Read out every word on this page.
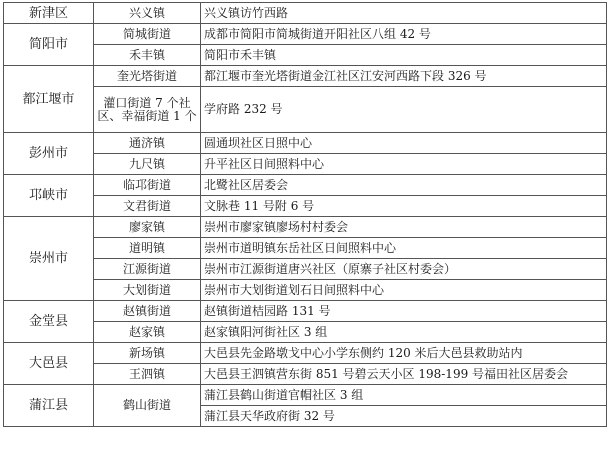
新津区	兴义镇	兴义镇访竹西路
简阳市	简城街道	成都市简阳市简城街道开阳社区八组 42 号
	禾丰镇	简阳市禾丰镇
都江堰市	奎光塔街道	都江堰市奎光塔街道金江社区江安河西路下段 326 号
	灌口街道 7 个社区、幸福街道 1 个	学府路 232 号
彭州市	通济镇	圆通坝社区日照中心
	九尺镇	升平社区日间照料中心
邛峡市	临邛街道	北鹭社区居委会
	文君街道	文脉巷 11 号附 6 号
崇州市	廖家镇	崇州市廖家镇廖场村村委会
	道明镇	崇州市道明镇东岳社区日间照料中心
	江源街道	崇州市江源街道唐兴社区（原寨子社区村委会）
	大划街道	崇州市大划街道划石日间照料中心
金堂县	赵镇街道	赵镇街道桔园路 131 号
	赵家镇	赵家镇阳河街社区 3 组
大邑县	新场镇	大邑县先金路墩戈中心小学东侧约 120 米后大邑县救助站内
	王泗镇	大邑县王泗镇营东街 851 号碧云天小区 198-199 号福田社区居委会
蒲江县	鹤山街道	蒲江县鹤山街道官帽社区 3 组
		蒲江县天华政府街 32 号
